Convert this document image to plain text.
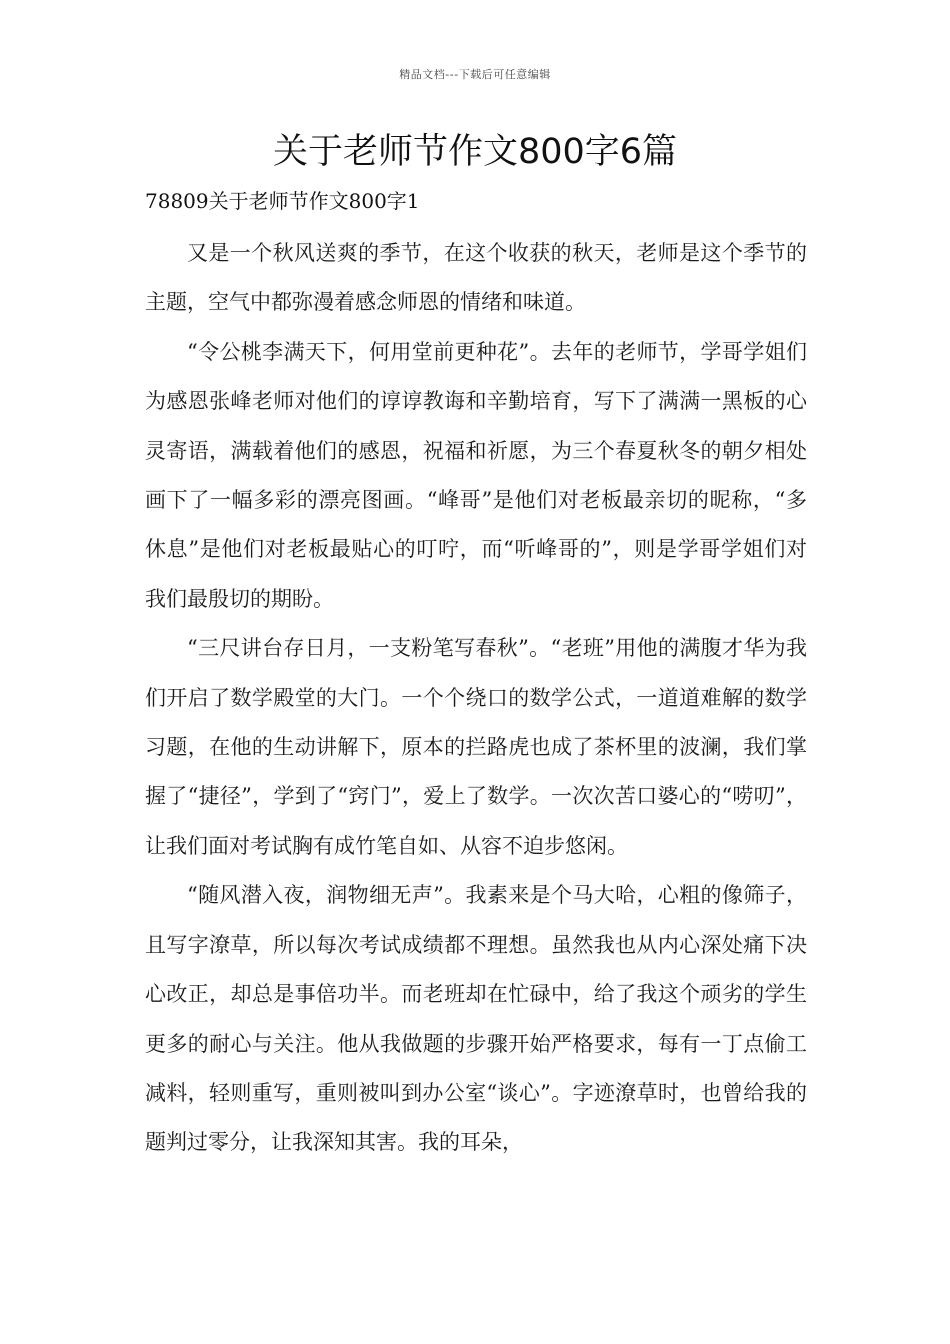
精品文档---下载后可任意编辑
关于老师节作文800字6篇
78809关于老师节作文800字1

又是一个秋风送爽的季节，在这个收获的秋天，老师是这个季节的主题，空气中都弥漫着感念师恩的情绪和味道。

“令公桃李满天下，何用堂前更种花”。去年的老师节，学哥学姐们为感恩张峰老师对他们的谆谆教诲和辛勤培育，写下了满满一黑板的心灵寄语，满载着他们的感恩，祝福和祈愿，为三个春夏秋冬的朝夕相处画下了一幅多彩的漂亮图画。“峰哥”是他们对老板最亲切的昵称，“多休息”是他们对老板最贴心的叮咛，而“听峰哥的”，则是学哥学姐们对我们最殷切的期盼。

“三尺讲台存日月，一支粉笔写春秋”。“老班”用他的满腹才华为我们开启了数学殿堂的大门。一个个绕口的数学公式，一道道难解的数学习题，在他的生动讲解下，原本的拦路虎也成了茶杯里的波澜，我们掌握了“捷径”，学到了“窍门”，爱上了数学。一次次苦口婆心的“唠叨”，让我们面对考试胸有成竹笔自如、从容不迫步悠闲。

“随风潜入夜，润物细无声”。我素来是个马大哈，心粗的像筛子，且写字潦草，所以每次考试成绩都不理想。虽然我也从内心深处痛下决心改正，却总是事倍功半。而老班却在忙碌中，给了我这个顽劣的学生更多的耐心与关注。他从我做题的步骤开始严格要求，每有一丁点偷工减料，轻则重写，重则被叫到办公室“谈心”。字迹潦草时，也曾给我的题判过零分，让我深知其害。我的耳朵，
